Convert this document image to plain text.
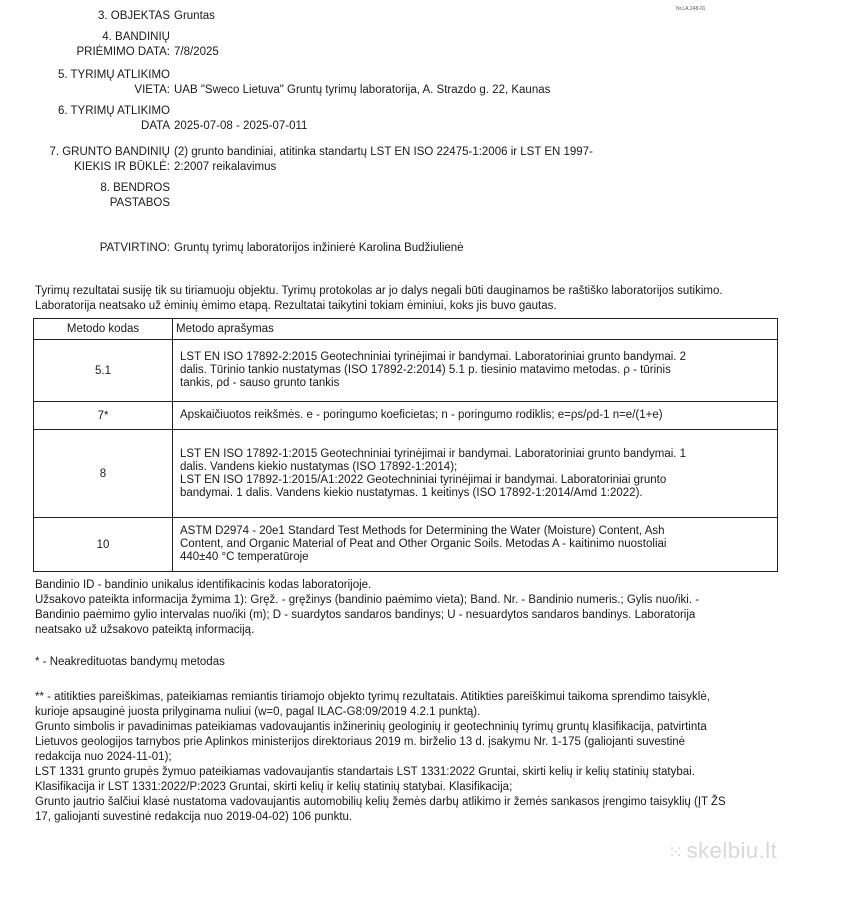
Nr.LA.248-01
3. OBJEKTAS Gruntas
4. BANDINIŲ
PRIĖMIMO DATA: 7/8/2025
5. TYRIMŲ ATLIKIMO
VIETA: UAB "Sweco Lietuva" Gruntų tyrimų laboratorija, A. Strazdo g. 22, Kaunas
6. TYRIMŲ ATLIKIMO
DATA 2025-07-08 - 2025-07-011
7. GRUNTO BANDINIŲ
KIEKIS IR BŪKLĖ:
(2) grunto bandiniai, atitinka standartų LST EN ISO 22475-1:2006 ir LST EN 1997-
2:2007 reikalavimus
8. BENDROS
PASTABOS
PATVIRTINO: Gruntų tyrimų laboratorijos inžinierė Karolina Budžiulienė
Tyrimų rezultatai susiję tik su tiriamuoju objektu. Tyrimų protokolas ar jo dalys negali būti dauginamos be raštiško laboratorijos sutikimo.
Laboratorija neatsako už ėminių ėmimo etapą. Rezultatai taikytini tokiam ėminiui, koks jis buvo gautas.
Metodo kodas	Metodo aprašymas
5.1	LST EN ISO 17892-2:2015 Geotechniniai tyrinėjimai ir bandymai. Laboratoriniai grunto bandymai. 2
dalis. Tūrinio tankio nustatymas (ISO 17892-2:2014) 5.1 p. tiesinio matavimo metodas. ρ - tūrinis
tankis, ρd - sauso grunto tankis

7*	Apskaičiuotos reikšmės. e - poringumo koeficietas; n - poringumo rodiklis; e=ρs/ρd-1 n=e/(1+e)

8	LST EN ISO 17892-1:2015 Geotechniniai tyrinėjimai ir bandymai. Laboratoriniai grunto bandymai. 1
dalis. Vandens kiekio nustatymas (ISO 17892-1:2014);
LST EN ISO 17892-1:2015/A1:2022 Geotechniniai tyrinėjimai ir bandymai. Laboratoriniai grunto
bandymai. 1 dalis. Vandens kiekio nustatymas. 1 keitinys (ISO 17892-1:2014/Amd 1:2022).

10	ASTM D2974 - 20e1 Standard Test Methods for Determining the Water (Moisture) Content, Ash
Content, and Organic Material of Peat and Other Organic Soils. Metodas A - kaitinimo nuostoliai
440±40 °C temperatūroje
Bandinio ID - bandinio unikalus identifikacinis kodas laboratorijoje.
Užsakovo pateikta informacija žymima 1): Gręž. - gręžinys (bandinio paėmimo vieta); Band. Nr. - Bandinio numeris.; Gylis nuo/iki. -
Bandinio paėmimo gylio intervalas nuo/iki (m); D - suardytos sandaros bandinys; U - nesuardytos sandaros bandinys. Laboratorija
neatsako už užsakovo pateiktą informaciją.
* - Neakredituotas bandymų metodas
** - atitikties pareiškimas, pateikiamas remiantis tiriamojo objekto tyrimų rezultatais. Atitikties pareiškimui taikoma sprendimo taisyklė,
kurioje apsauginė juosta prilyginama nuliui (w=0, pagal ILAC-G8:09/2019 4.2.1 punktą).
Grunto simbolis ir pavadinimas pateikiamas vadovaujantis inžinerinių geologinių ir geotechninių tyrimų gruntų klasifikacija, patvirtinta
Lietuvos geologijos tarnybos prie Aplinkos ministerijos direktoriaus 2019 m. birželio 13 d. įsakymu Nr. 1-175 (galiojanti suvestinė
redakcija nuo 2024-11-01);
LST 1331 grunto grupės žymuo pateikiamas vadovaujantis standartais LST 1331:2022 Gruntai, skirti kelių ir kelių statinių statybai.
Klasifikacija ir LST 1331:2022/P:2023 Gruntai, skirti kelių ir kelių statinių statybai. Klasifikacija;
Grunto jautrio šalčiui klasė nustatoma vadovaujantis automobilių kelių žemės darbų atlikimo ir žemės sankasos įrengimo taisyklių (ĮT ŽS
17, galiojanti suvestinė redakcija nuo 2019-04-02) 106 punktu.
⁙ skelbiu.lt
